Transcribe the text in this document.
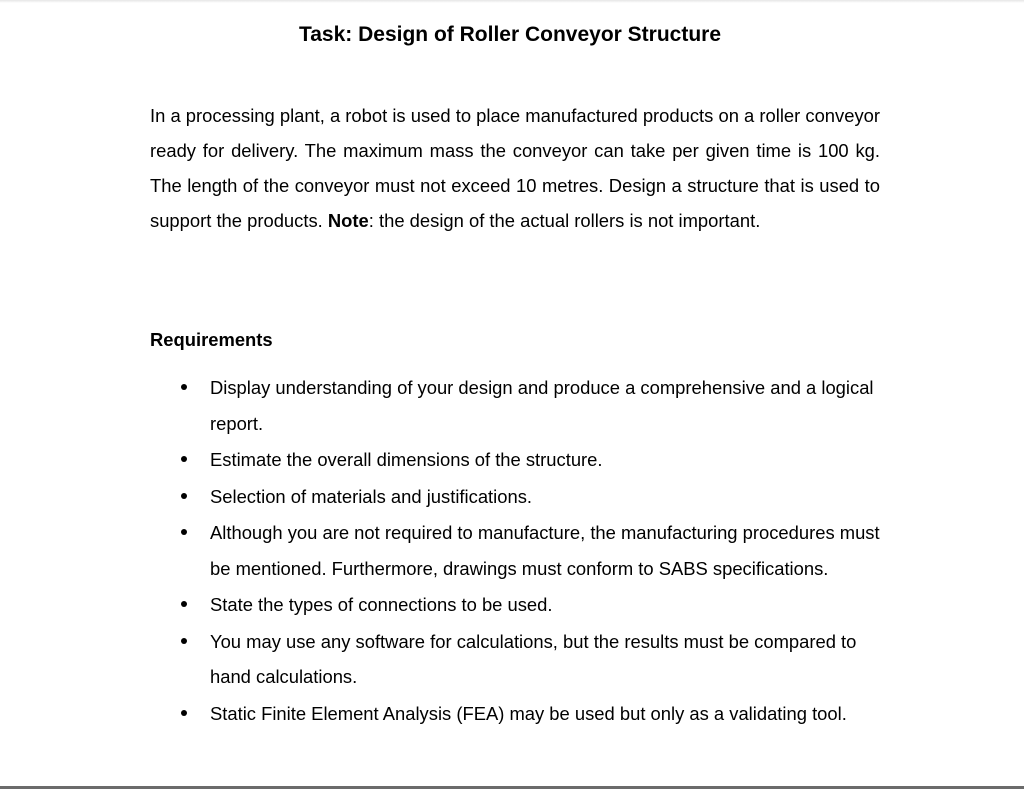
Task: Design of Roller Conveyor Structure

In a processing plant, a robot is used to place manufactured products on a roller conveyor ready for delivery. The maximum mass the conveyor can take per given time is 100 kg. The length of the conveyor must not exceed 10 metres. Design a structure that is used to support the products. Note: the design of the actual rollers is not important.

Requirements
Display understanding of your design and produce a comprehensive and a logical report.
Estimate the overall dimensions of the structure.
Selection of materials and justifications.
Although you are not required to manufacture, the manufacturing procedures must be mentioned. Furthermore, drawings must conform to SABS specifications.
State the types of connections to be used.
You may use any software for calculations, but the results must be compared to hand calculations.
Static Finite Element Analysis (FEA) may be used but only as a validating tool.
